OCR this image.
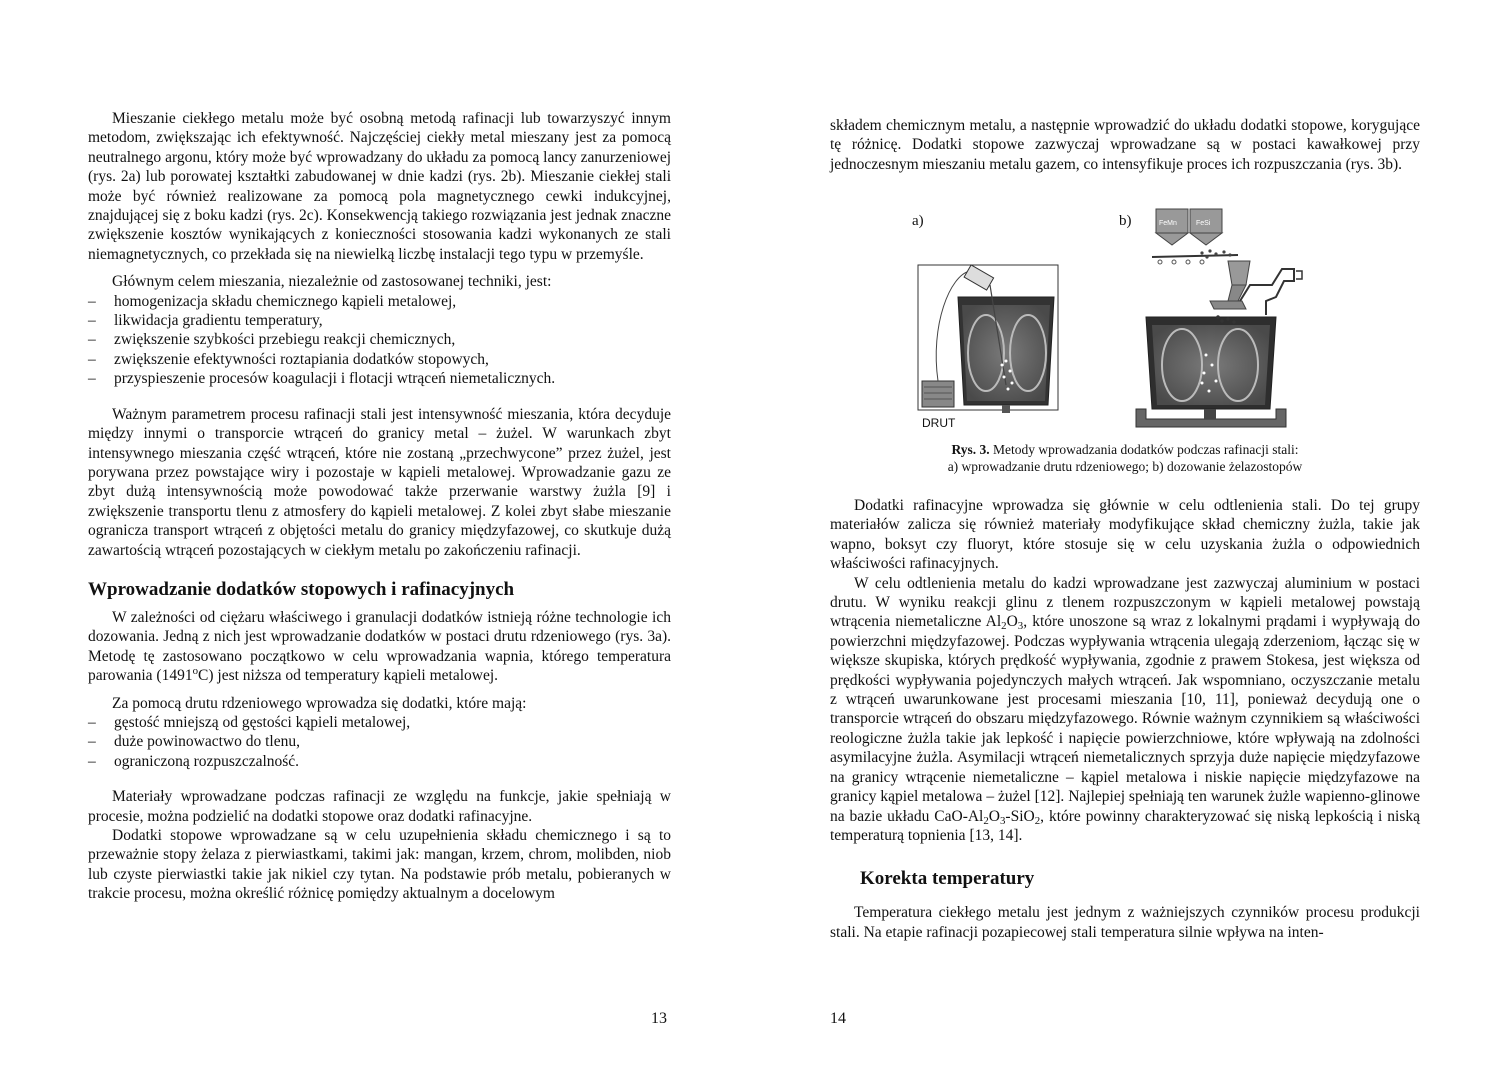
Mieszanie ciekłego metalu może być osobną metodą rafinacji lub towarzyszyć innym metodom, zwiększając ich efektywność. Najczęściej ciekły metal mieszany jest za pomocą neutralnego argonu, który może być wprowadzany do układu za pomocą lancy zanurzeniowej (rys. 2a) lub porowatej kształtki zabudowanej w dnie kadzi (rys. 2b). Mieszanie ciekłej stali może być również realizowane za pomocą pola magnetycznego cewki indukcyjnej, znajdującej się z boku kadzi (rys. 2c). Konsekwencją takiego rozwiązania jest jednak znaczne zwiększenie kosztów wynikających z konieczności stosowania kadzi wykonanych ze stali niemagnetycznych, co przekłada się na niewielką liczbę instalacji tego typu w przemyśle.

Głównym celem mieszania, niezależnie od zastosowanej techniki, jest:

– homogenizacja składu chemicznego kąpieli metalowej,
– likwidacja gradientu temperatury,
– zwiększenie szybkości przebiegu reakcji chemicznych,
– zwiększenie efektywności roztapiania dodatków stopowych,
– przyspieszenie procesów koagulacji i flotacji wtrąceń niemetalicznych.

Ważnym parametrem procesu rafinacji stali jest intensywność mieszania, która decyduje między innymi o transporcie wtrąceń do granicy metal – żużel. W warunkach zbyt intensywnego mieszania część wtrąceń, które nie zostaną „przechwycone” przez żużel, jest porywana przez powstające wiry i pozostaje w kąpieli metalowej. Wprowadzanie gazu ze zbyt dużą intensywnością może powodować także przerwanie warstwy żużla [9] i zwiększenie transportu tlenu z atmosfery do kąpieli metalowej. Z kolei zbyt słabe mieszanie ogranicza transport wtrąceń z objętości metalu do granicy międzyfazowej, co skutkuje dużą zawartością wtrąceń pozostających w ciekłym metalu po zakończeniu rafinacji.

Wprowadzanie dodatków stopowych i rafinacyjnych

W zależności od ciężaru właściwego i granulacji dodatków istnieją różne technologie ich dozowania. Jedną z nich jest wprowadzanie dodatków w postaci drutu rdzeniowego (rys. 3a). Metodę tę zastosowano początkowo w celu wprowadzania wapnia, którego temperatura parowania (1491$^o$C) jest niższa od temperatury kąpieli metalowej.

Za pomocą drutu rdzeniowego wprowadza się dodatki, które mają:

– gęstość mniejszą od gęstości kąpieli metalowej,
– duże powinowactwo do tlenu,
– ograniczoną rozpuszczalność.

Materiały wprowadzane podczas rafinacji ze względu na funkcje, jakie spełniają w procesie, można podzielić na dodatki stopowe oraz dodatki rafinacyjne.

Dodatki stopowe wprowadzane są w celu uzupełnienia składu chemicznego i są to przeważnie stopy żelaza z pierwiastkami, takimi jak: mangan, krzem, chrom, molibden, niob lub czyste pierwiastki takie jak nikiel czy tytan. Na podstawie prób metalu, pobieranych w trakcie procesu, można określić różnicę pomiędzy aktualnym a docelowym

13

składem chemicznym metalu, a następnie wprowadzić do układu dodatki stopowe, korygujące tę różnicę. Dodatki stopowe zazwyczaj wprowadzane są w postaci kawałkowej przy jednoczesnym mieszaniu metalu gazem, co intensyfikuje proces ich rozpuszczania (rys. 3b).

a)	b)
DRUT
FeMn	FeSi
Rys. 3. Metody wprowadzania dodatków podczas rafinacji stali:
a) wprowadzanie drutu rdzeniowego; b) dozowanie żelazostopów

Dodatki rafinacyjne wprowadza się głównie w celu odtlenienia stali. Do tej grupy materiałów zalicza się również materiały modyfikujące skład chemiczny żużla, takie jak wapno, boksyt czy fluoryt, które stosuje się w celu uzyskania żużla o odpowiednich właściwości rafinacyjnych.

W celu odtlenienia metalu do kadzi wprowadzane jest zazwyczaj aluminium w postaci drutu. W wyniku reakcji glinu z tlenem rozpuszczonym w kąpieli metalowej powstają wtrącenia niemetaliczne $Al_2O_3$, które unoszone są wraz z lokalnymi prądami i wypływają do powierzchni międzyfazowej. Podczas wypływania wtrącenia ulegają zderzeniom, łącząc się w większe skupiska, których prędkość wypływania, zgodnie z prawem Stokesa, jest większa od prędkości wypływania pojedynczych małych wtrąceń. Jak wspomniano, oczyszczanie metalu z wtrąceń uwarunkowane jest procesami mieszania [10, 11], ponieważ decydują one o transporcie wtrąceń do obszaru międzyfazowego. Równie ważnym czynnikiem są właściwości reologiczne żużla takie jak lepkość i napięcie powierzchniowe, które wpływają na zdolności asymilacyjne żużla. Asymilacji wtrąceń niemetalicznych sprzyja duże napięcie międzyfazowe na granicy wtrącenie niemetaliczne – kąpiel metalowa i niskie napięcie międzyfazowe na granicy kąpiel metalowa – żużel [12]. Najlepiej spełniają ten warunek żużle wapienno-glinowe na bazie układu CaO-$Al_2O_3-SiO_2$, które powinny charakteryzować się niską lepkością i niską temperaturą topnienia [13, 14].

Korekta temperatury

Temperatura ciekłego metalu jest jednym z ważniejszych czynników procesu produkcji stali. Na etapie rafinacji pozapiecowej stali temperatura silnie wpływa na inten-

14
